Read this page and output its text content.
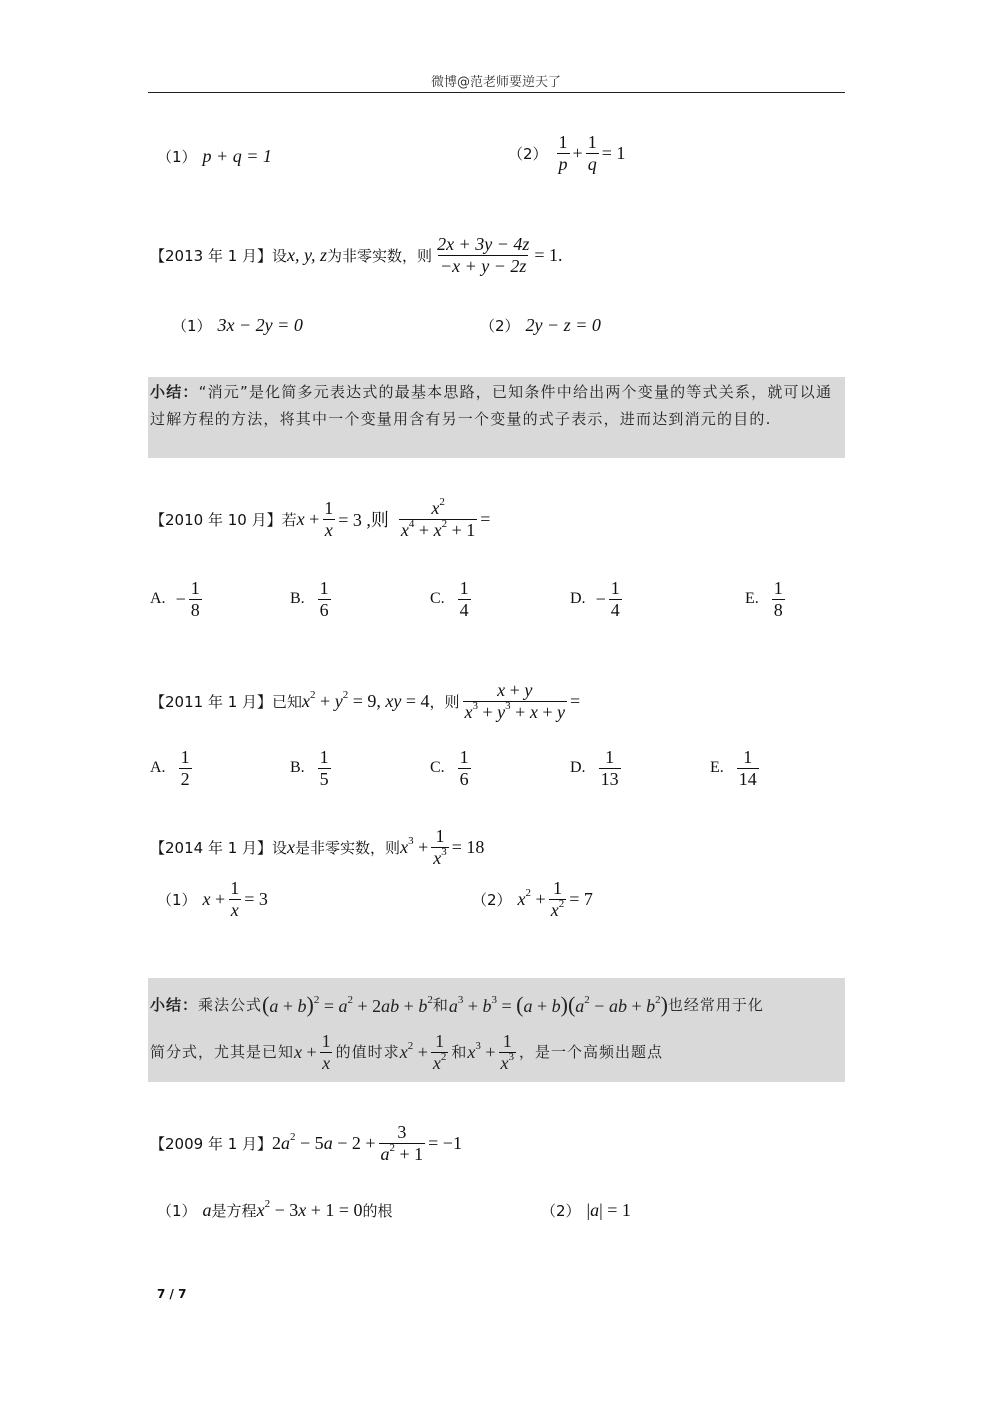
微博@范老师要逆天了
（1） p + q = 1	$(2) \frac{1}{p} + \frac{1}{q} = 1$
【2013 年 1 月】 设 x, y, z 为非零实数，则 $\frac{2x + 3y - 4z}{-x + y - 2z} = 1$.
（1） 3x − 2y = 0	（2） 2y − z = 0
小结：“消元”是化简多元表达式的最基本思路，已知条件中给出两个变量的等式关系，就可以通过解方程的方法，将其中一个变量用含有另一个变量的式子表示，进而达到消元的目的.
【2010 年 10 月】 若 $x + \frac{1}{x} = 3$ ,则 $\frac{x^2}{x^4 + x^2 + 1}$ =
A. − $\frac{1}{8}$	B. $\frac{1}{6}$	C. $\frac{1}{4}$	D. − $\frac{1}{4}$	E. $\frac{1}{8}$
【2011 年 1 月】 已知 $x^2 + y^2 = 9$, xy = 4 ，则 $\frac{x + y}{x^3 + y^3 + x + y}$ =
A. $\frac{1}{2}$	B. $\frac{1}{5}$	C. $\frac{1}{6}$	D. $\frac{1}{13}$	E. $\frac{1}{14}$
【2014 年 1 月】 设 x 是非零实数，则 $x^3 + \frac{1}{x^3} = 18$
（1） $x + \frac{1}{x} = 3$	（2） $x^2 + \frac{1}{x^2} = 7$
小结： 乘法公式 $(a + b)^2 = a^2 + 2ab + b^2$ 和 $a^3 + b^3 = (a + b)(a^2$ − ab + $b^2$) 也经常用于化
简分式，尤其是已知 $x + \frac{1}{x}$ 的值时求 $x^2 + \frac{1}{x^2}$ 和 $x^3 + \frac{1}{x^3}$ ，是一个高频出题点
【2009 年 1 月】 $2a^2 - 5a - 2 + \frac{3}{a^2 + 1} = -1$
（1） a 是方程 $x^2 - 3x + 1 = 0$ 的根	（2） |a| = 1
7 / 7
